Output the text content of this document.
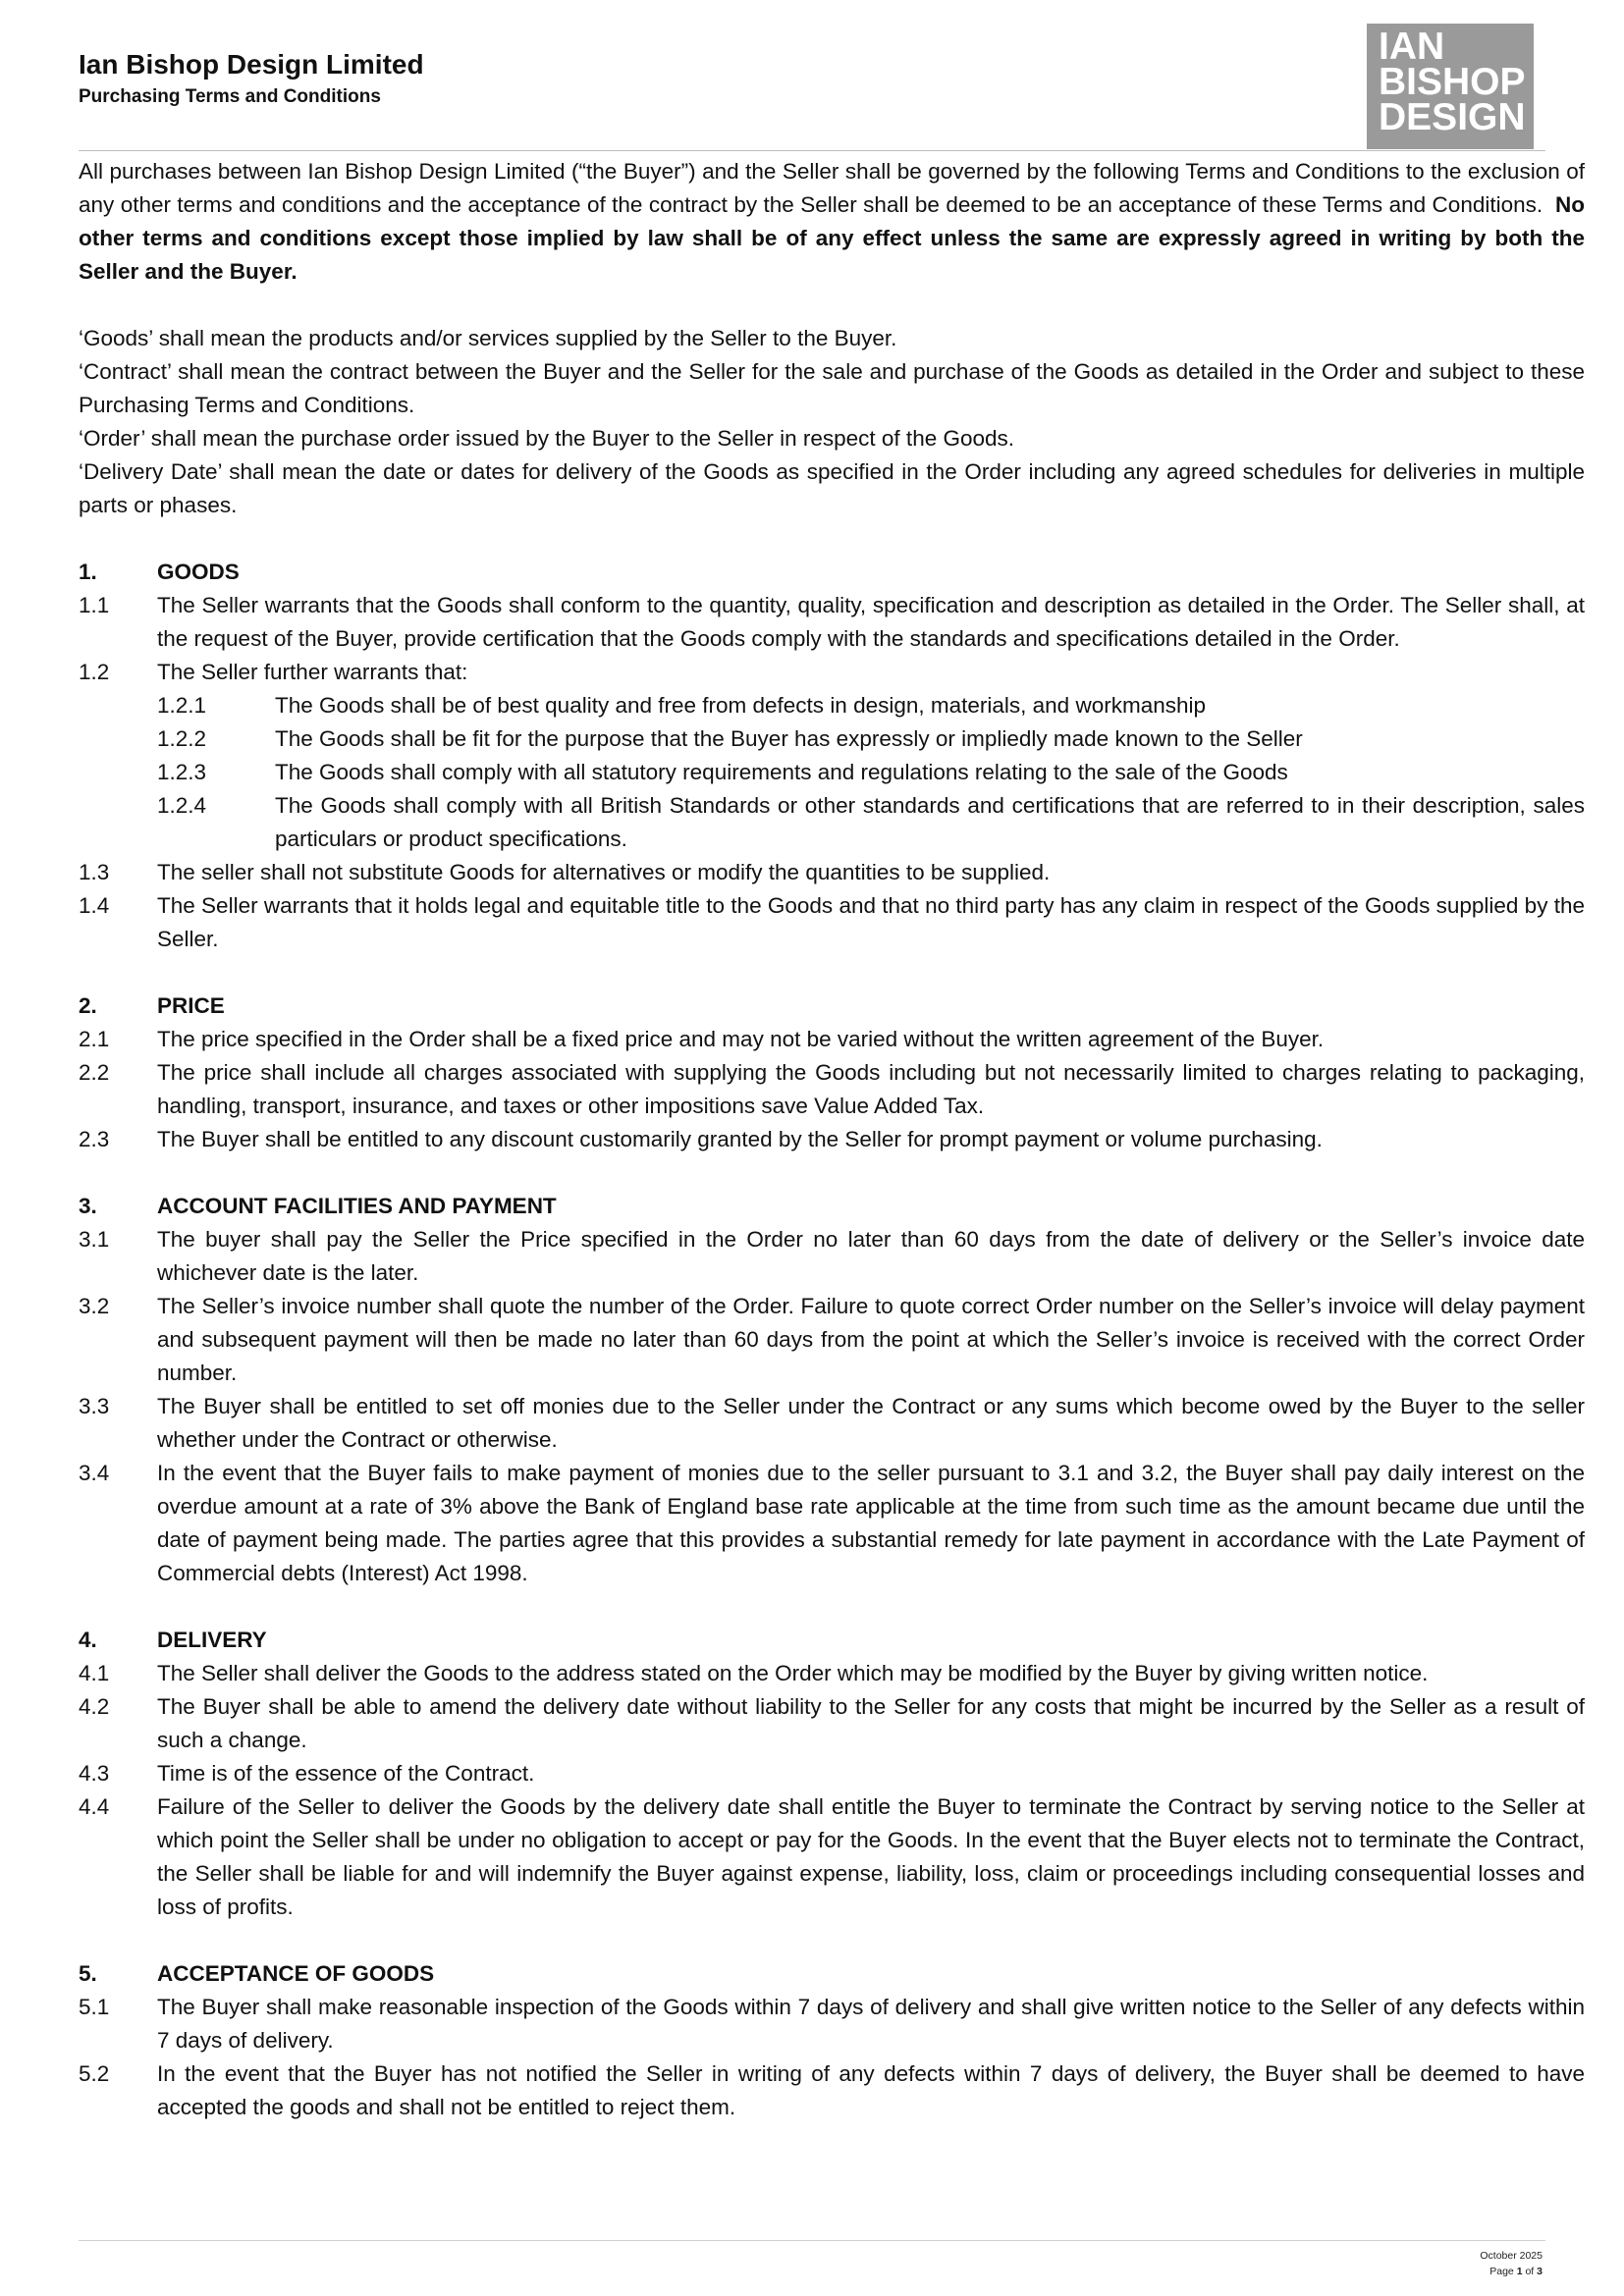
Ian Bishop Design Limited
Purchasing Terms and Conditions
IAN
BISHOP
DESIGN

All purchases between Ian Bishop Design Limited (“the Buyer”) and the Seller shall be governed by the following Terms and Conditions to the exclusion of any other terms and conditions and the acceptance of the contract by the Seller shall be deemed to be an acceptance of these Terms and Conditions. No other terms and conditions except those implied by law shall be of any effect unless the same are expressly agreed in writing by both the Seller and the Buyer.

‘Goods’ shall mean the products and/or services supplied by the Seller to the Buyer.

‘Contract’ shall mean the contract between the Buyer and the Seller for the sale and purchase of the Goods as detailed in the Order and subject to these Purchasing Terms and Conditions.

‘Order’ shall mean the purchase order issued by the Buyer to the Seller in respect of the Goods.

‘Delivery Date’ shall mean the date or dates for delivery of the Goods as specified in the Order including any agreed schedules for deliveries in multiple parts or phases.

1.	GOODS
1.1	The Seller warrants that the Goods shall conform to the quantity, quality, specification and description as detailed in the Order. The Seller shall, at the request of the Buyer, provide certification that the Goods comply with the standards and specifications detailed in the Order.
1.2	The Seller further warrants that:
1.2.1	The Goods shall be of best quality and free from defects in design, materials, and workmanship
1.2.2	The Goods shall be fit for the purpose that the Buyer has expressly or impliedly made known to the Seller
1.2.3	The Goods shall comply with all statutory requirements and regulations relating to the sale of the Goods
1.2.4	The Goods shall comply with all British Standards or other standards and certifications that are referred to in their description, sales particulars or product specifications.
1.3	The seller shall not substitute Goods for alternatives or modify the quantities to be supplied.
1.4	The Seller warrants that it holds legal and equitable title to the Goods and that no third party has any claim in respect of the Goods supplied by the Seller.
2.	PRICE
2.1	The price specified in the Order shall be a fixed price and may not be varied without the written agreement of the Buyer.
2.2	The price shall include all charges associated with supplying the Goods including but not necessarily limited to charges relating to packaging, handling, transport, insurance, and taxes or other impositions save Value Added Tax.
2.3	The Buyer shall be entitled to any discount customarily granted by the Seller for prompt payment or volume purchasing.
3.	ACCOUNT FACILITIES AND PAYMENT
3.1	The buyer shall pay the Seller the Price specified in the Order no later than 60 days from the date of delivery or the Seller’s invoice date whichever date is the later.
3.2	The Seller’s invoice number shall quote the number of the Order. Failure to quote correct Order number on the Seller’s invoice will delay payment and subsequent payment will then be made no later than 60 days from the point at which the Seller’s invoice is received with the correct Order number.
3.3	The Buyer shall be entitled to set off monies due to the Seller under the Contract or any sums which become owed by the Buyer to the seller whether under the Contract or otherwise.
3.4	In the event that the Buyer fails to make payment of monies due to the seller pursuant to 3.1 and 3.2, the Buyer shall pay daily interest on the overdue amount at a rate of 3% above the Bank of England base rate applicable at the time from such time as the amount became due until the date of payment being made. The parties agree that this provides a substantial remedy for late payment in accordance with the Late Payment of Commercial debts (Interest) Act 1998.
4.	DELIVERY
4.1	The Seller shall deliver the Goods to the address stated on the Order which may be modified by the Buyer by giving written notice.
4.2	The Buyer shall be able to amend the delivery date without liability to the Seller for any costs that might be incurred by the Seller as a result of such a change.
4.3	Time is of the essence of the Contract.
4.4	Failure of the Seller to deliver the Goods by the delivery date shall entitle the Buyer to terminate the Contract by serving notice to the Seller at which point the Seller shall be under no obligation to accept or pay for the Goods. In the event that the Buyer elects not to terminate the Contract, the Seller shall be liable for and will indemnify the Buyer against expense, liability, loss, claim or proceedings including consequential losses and loss of profits.
5.	ACCEPTANCE OF GOODS
5.1	The Buyer shall make reasonable inspection of the Goods within 7 days of delivery and shall give written notice to the Seller of any defects within 7 days of delivery.
5.2	In the event that the Buyer has not notified the Seller in writing of any defects within 7 days of delivery, the Buyer shall be deemed to have accepted the goods and shall not be entitled to reject them.
October 2025
Page 1 of 3
